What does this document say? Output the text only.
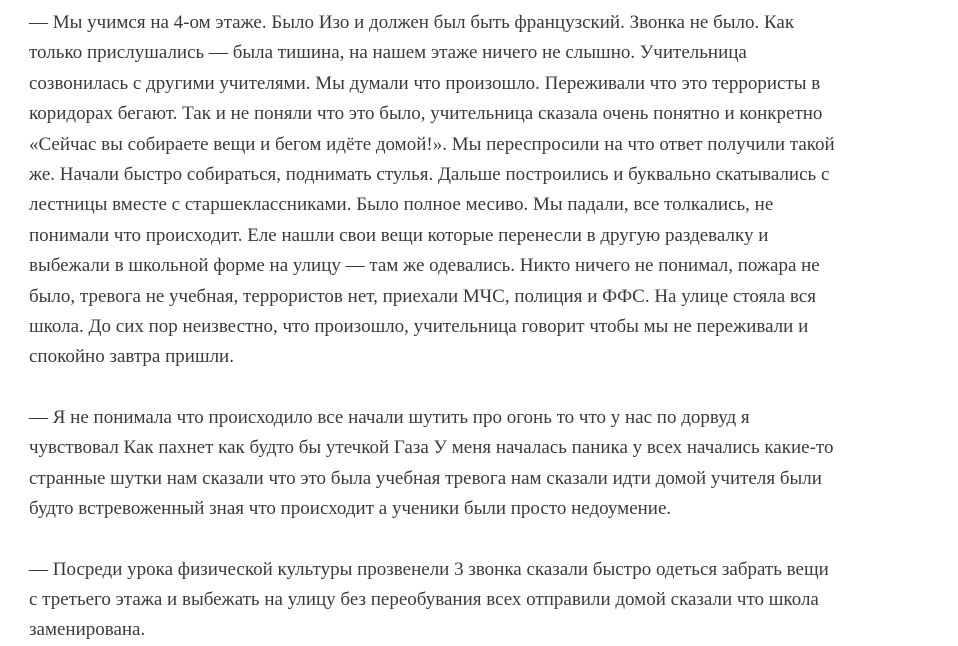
— Мы учимся на 4-ом этаже. Было Изо и должен был быть французский. Звонка не было. Как
только прислушались — была тишина, на нашем этаже ничего не слышно. Учительница
созвонилась с другими учителями. Мы думали что произошло. Переживали что это террористы в
коридорах бегают. Так и не поняли что это было, учительница сказала очень понятно и конкретно
«Сейчас вы собираете вещи и бегом идёте домой!». Мы переспросили на что ответ получили такой
же. Начали быстро собираться, поднимать стулья. Дальше построились и буквально скатывались с
лестницы вместе с старшеклассниками. Было полное месиво. Мы падали, все толкались, не
понимали что происходит. Еле нашли свои вещи которые перенесли в другую раздевалку и
выбежали в школьной форме на улицу — там же одевались. Никто ничего не понимал, пожара не
было, тревога не учебная, террористов нет, приехали МЧС, полиция и ФФС. На улице стояла вся
школа. До сих пор неизвестно, что произошло, учительница говорит чтобы мы не переживали и
спокойно завтра пришли.

— Я не понимала что происходило все начали шутить про огонь то что у нас по дорвуд я
чувствовал Как пахнет как будто бы утечкой Газа У меня началась паника у всех начались какие-то
странные шутки нам сказали что это была учебная тревога нам сказали идти домой учителя были
будто встревоженный зная что происходит а ученики были просто недоумение.

— Посреди урока физической культуры прозвенели 3 звонка сказали быстро одеться забрать вещи
с третьего этажа и выбежать на улицу без переобувания всех отправили домой сказали что школа
заменирована.
